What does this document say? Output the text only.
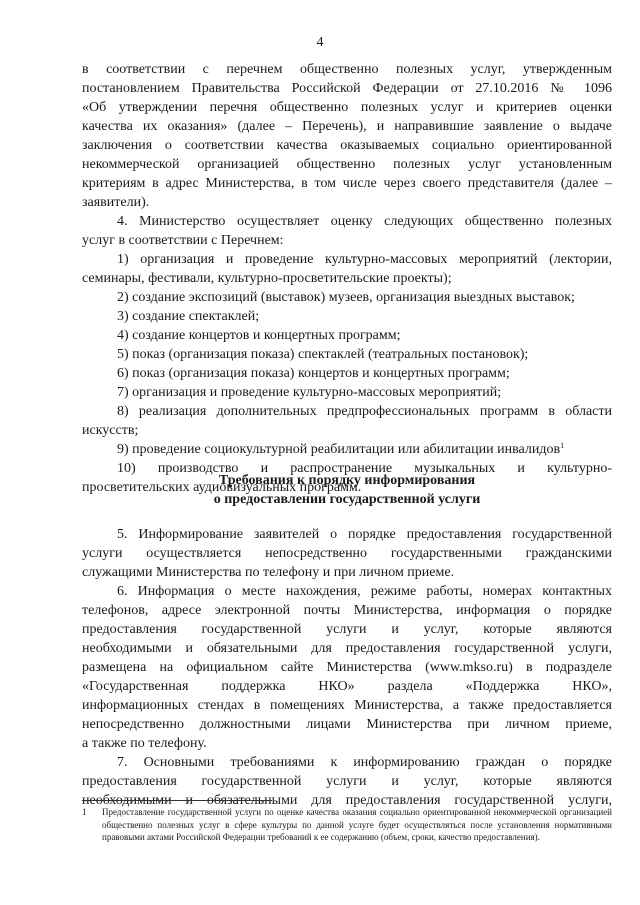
4
в соответствии с перечнем общественно полезных услуг, утвержденным
постановлением Правительства Российской Федерации от 27.10.2016 № 1096
«Об утверждении перечня общественно полезных услуг и критериев оценки
качества их оказания» (далее – Перечень), и направившие заявление о выдаче
заключения о соответствии качества оказываемых социально ориентированной
некоммерческой организацией общественно полезных услуг установленным
критериям в адрес Министерства, в том числе через своего представителя (далее –
заявители).
4. Министерство осуществляет оценку следующих общественно полезных
услуг в соответствии с Перечнем:
1) организация и проведение культурно-массовых мероприятий (лектории,
семинары, фестивали, культурно-просветительские проекты);
2) создание экспозиций (выставок) музеев, организация выездных выставок;
3) создание спектаклей;
4) создание концертов и концертных программ;
5) показ (организация показа) спектаклей (театральных постановок);
6) показ (организация показа) концертов и концертных программ;
7) организация и проведение культурно-массовых мероприятий;
8) реализация дополнительных предпрофессиональных программ в области
искусств;
9) проведение социокультурной реабилитации или абилитации инвалидов$^1$
10) производство и распространение музыкальных и культурно-
просветительских аудиовизуальных программ.
Требования к порядку информирования
о предоставлении государственной услуги
5. Информирование заявителей о порядке предоставления государственной
услуги осуществляется непосредственно государственными гражданскими
служащими Министерства по телефону и при личном приеме.
6. Информация о месте нахождения, режиме работы, номерах контактных
телефонов, адресе электронной почты Министерства, информация о порядке
предоставления государственной услуги и услуг, которые являются
необходимыми и обязательными для предоставления государственной услуги,
размещена на официальном сайте Министерства (www.mkso.ru) в подразделе
«Государственная поддержка НКО» раздела «Поддержка НКО»,
информационных стендах в помещениях Министерства, а также предоставляется
непосредственно должностными лицами Министерства при личном приеме,
а также по телефону.
7. Основными требованиями к информированию граждан о порядке
предоставления государственной услуги и услуг, которые являются
необходимыми и обязательными для предоставления государственной услуги,
1	Предоставление государственной услуги по оценке качества оказания социально ориентированной некоммерческой организацией общественно полезных услуг в сфере культуры по данной услуге будет осуществляться после установления нормативными правовыми актами Российской Федерации требований к ее содержанию (объем, сроки, качество предоставления).
